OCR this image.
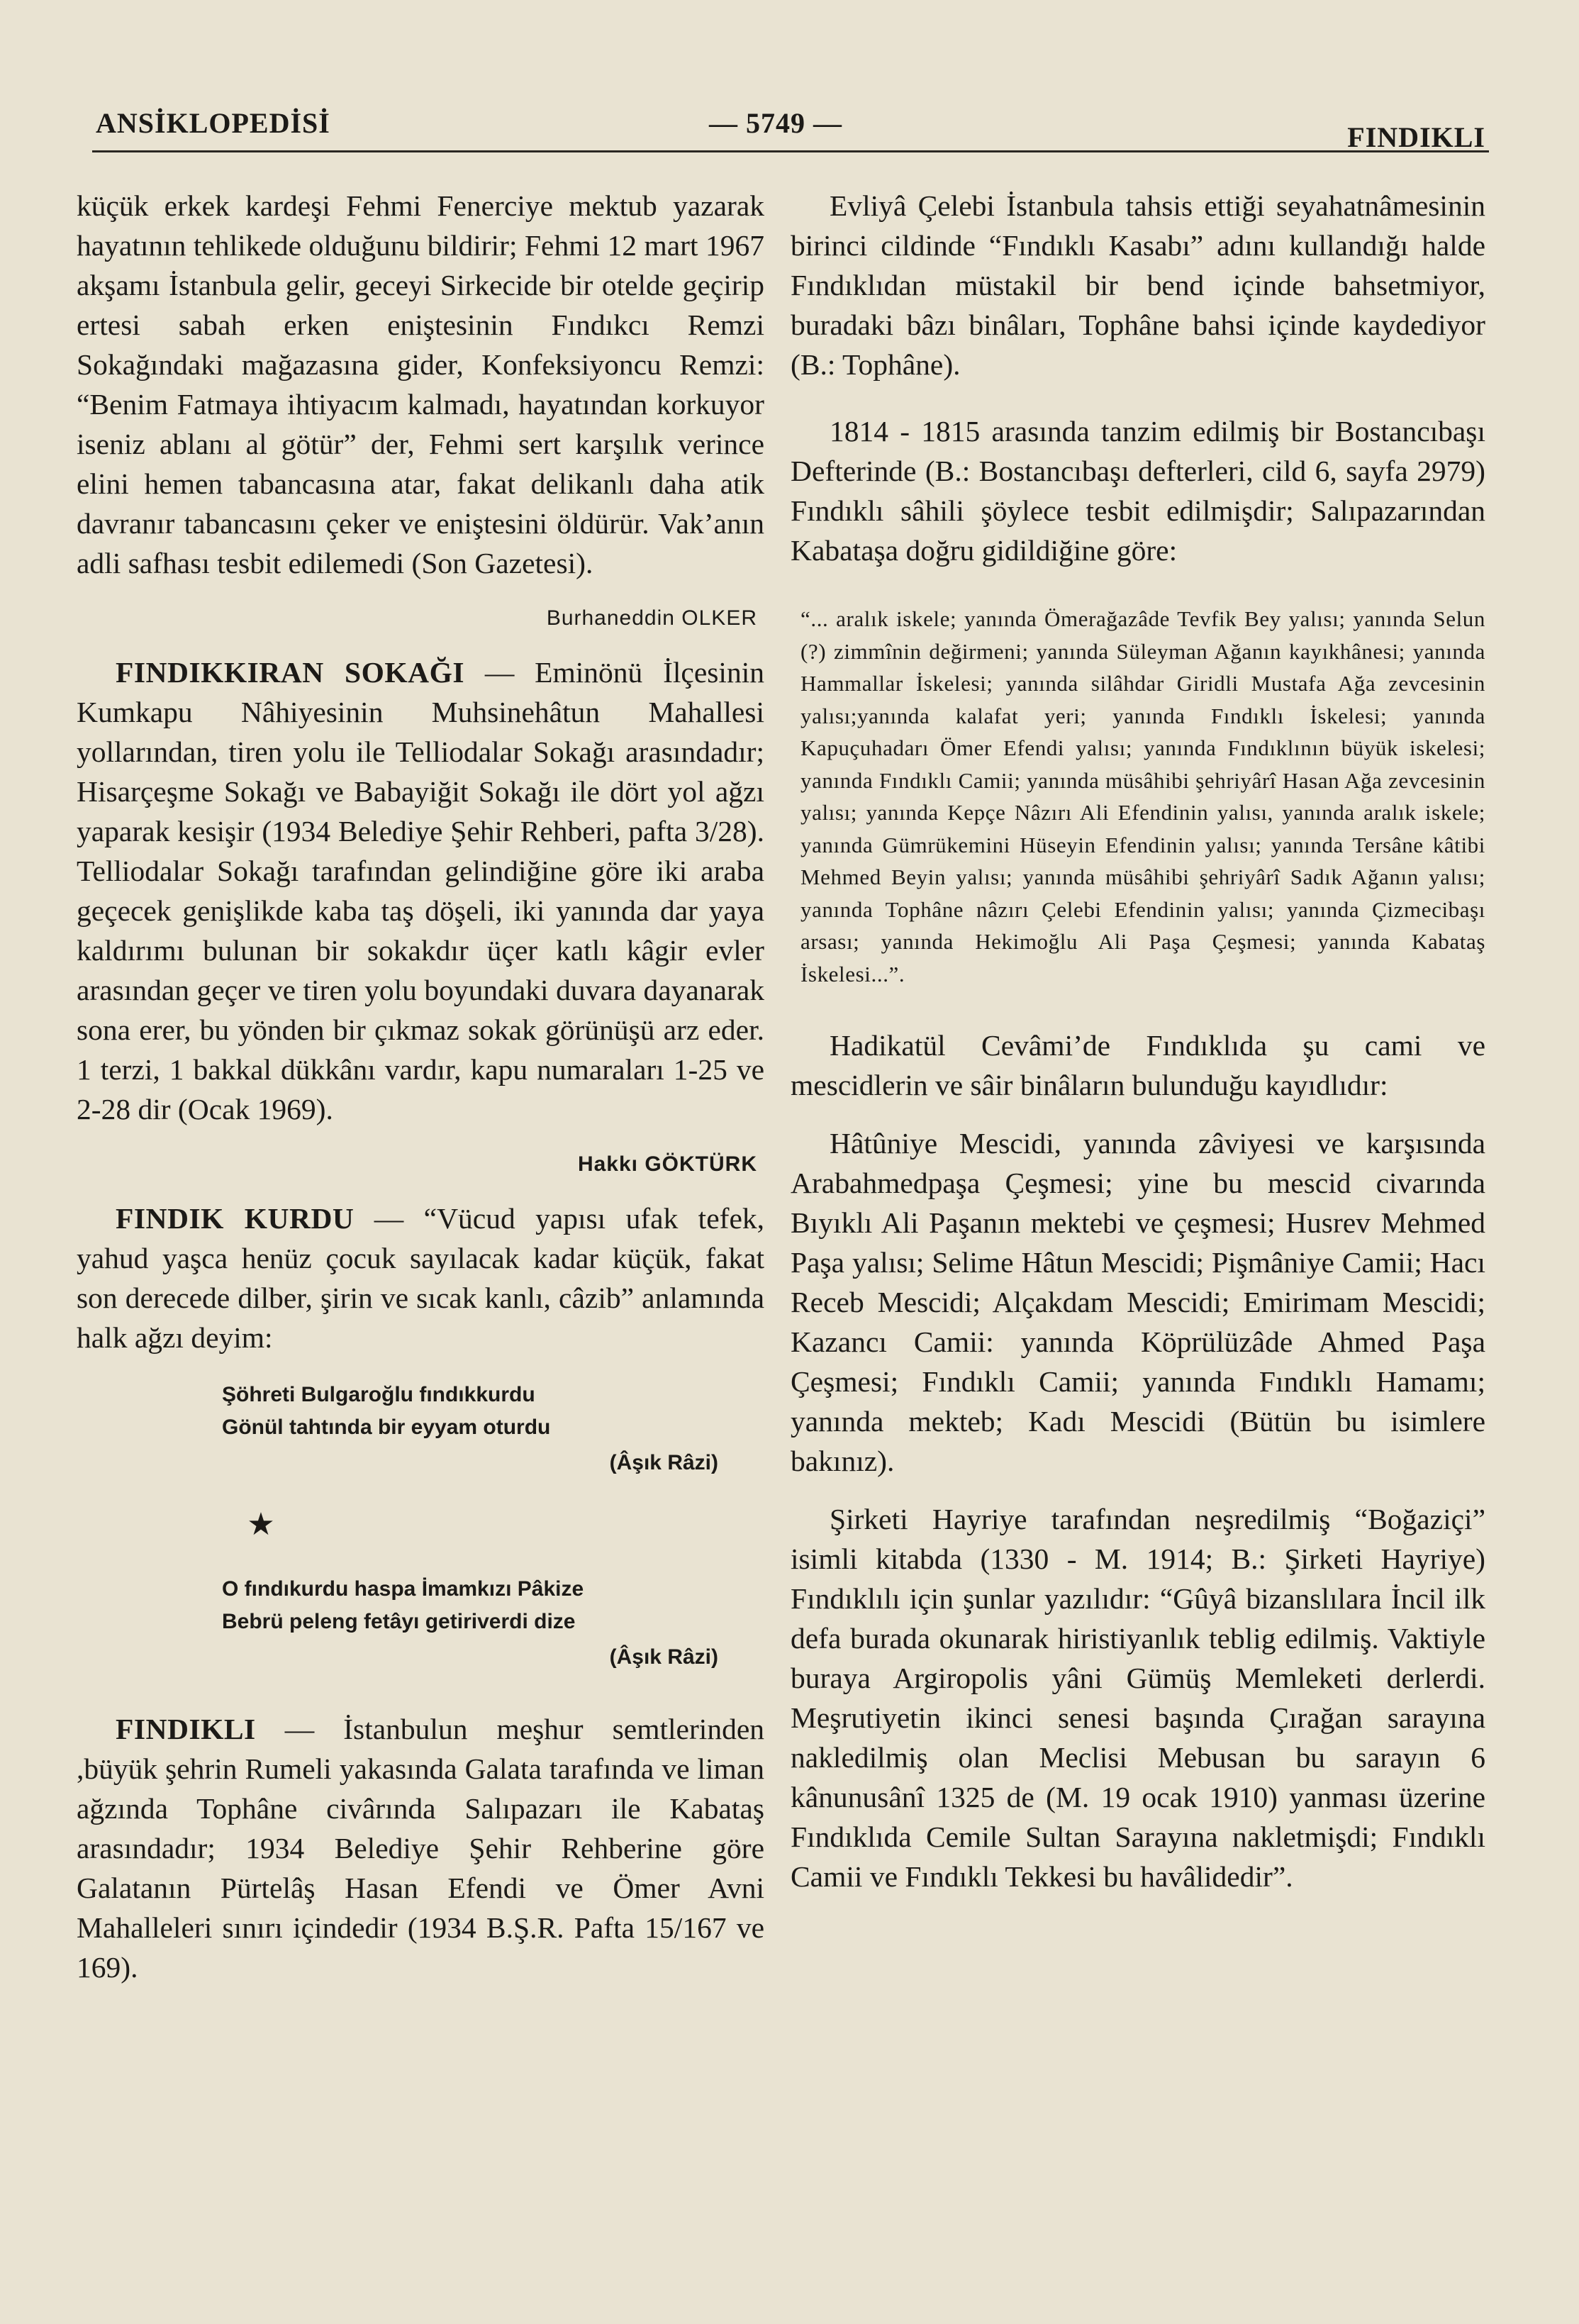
ANSİKLOPEDİSİ	— 5749 —	FINDIKLI

küçük erkek kardeşi Fehmi Fenerciye mektub yazarak hayatının tehlikede olduğunu bildirir; Fehmi 12 mart 1967 akşamı İstanbula gelir, geceyi Sirkecide bir otelde geçirip ertesi sabah erken eniştesinin Fındıkcı Remzi Sokağındaki mağazasına gider, Konfeksiyoncu Remzi: “Benim Fatmaya ihtiyacım kalmadı, hayatından korkuyor iseniz ablanı al götür” der, Fehmi sert karşılık verince elini hemen tabancasına atar, fakat delikanlı daha atik davranır tabancasını çeker ve eniştesini öldürür. Vak’anın adli safhası tesbit edilemedi (Son Gazetesi).

Burhaneddin OLKER

FINDIKKIRAN SOKAĞI — Eminönü İlçesinin Kumkapu Nâhiyesinin Muhsinehâtun Mahallesi yollarından, tiren yolu ile Telliodalar Sokağı arasındadır; Hisarçeşme Sokağı ve Babayiğit Sokağı ile dört yol ağzı yaparak kesişir (1934 Belediye Şehir Rehberi, pafta 3/28). Telliodalar Sokağı tarafından gelindiğine göre iki araba geçecek genişlikde kaba taş döşeli, iki yanında dar yaya kaldırımı bulunan bir sokakdır üçer katlı kâgir evler arasından geçer ve tiren yolu boyundaki duvara dayanarak sona erer, bu yönden bir çıkmaz sokak görünüşü arz eder. 1 terzi, 1 bakkal dükkânı vardır, kapu numaraları 1-25 ve 2-28 dir (Ocak 1969).

Hakkı GÖKTÜRK

FINDIK KURDU — “Vücud yapısı ufak tefek, yahud yaşca henüz çocuk sayılacak kadar küçük, fakat son derecede dilber, şirin ve sıcak kanlı, câzib” anlamında halk ağzı deyim:

Şöhreti Bulgaroğlu fındıkkurdu
Gönül tahtında bir eyyam oturdu
(Âşık Râzi)
★
O fındıkurdu haspa İmamkızı Pâkize
Bebrü peleng fetâyı getiriverdi dize
(Âşık Râzi)

FINDIKLI — İstanbulun meşhur semtlerinden ,büyük şehrin Rumeli yakasında Galata tarafında ve liman ağzında Tophâne civârında Salıpazarı ile Kabataş arasındadır; 1934 Belediye Şehir Rehberine göre Galatanın Pürtelâş Hasan Efendi ve Ömer Avni Mahalleleri sınırı içindedir (1934 B.Ş.R. Pafta 15/167 ve 169).

Evliyâ Çelebi İstanbula tahsis ettiği seyahatnâmesinin birinci cildinde “Fındıklı Kasabı” adını kullandığı halde Fındıklıdan müstakil bir bend içinde bahsetmiyor, buradaki bâzı binâları, Tophâne bahsi içinde kaydediyor (B.: Tophâne).

1814 - 1815 arasında tanzim edilmiş bir Bostancıbaşı Defterinde (B.: Bostancıbaşı defterleri, cild 6, sayfa 2979) Fındıklı sâhili şöylece tesbit edilmişdir; Salıpazarından Kabataşa doğru gidildiğine göre:

“... aralık iskele; yanında Ömerağazâde Tevfik Bey yalısı; yanında Selun (?) zimmînin değirmeni; yanında Süleyman Ağanın kayıkhânesi; yanında Hammallar İskelesi; yanında silâhdar Giridli Mustafa Ağa zevcesinin yalısı;yanında kalafat yeri; yanında Fındıklı İskelesi; yanında Kapuçuhadarı Ömer Efendi yalısı; yanında Fındıklının büyük iskelesi; yanında Fındıklı Camii; yanında müsâhibi şehriyârî Hasan Ağa zevcesinin yalısı; yanında Kepçe Nâzırı Ali Efendinin yalısı, yanında aralık iskele; yanında Gümrükemini Hüseyin Efendinin yalısı; yanında Tersâne kâtibi Mehmed Beyin yalısı; yanında müsâhibi şehriyârî Sadık Ağanın yalısı; yanında Tophâne nâzırı Çelebi Efendinin yalısı; yanında Çizmecibaşı arsası; yanında Hekimoğlu Ali Paşa Çeşmesi; yanında Kabataş İskelesi...”.

Hadikatül Cevâmi’de Fındıklıda şu cami ve mescidlerin ve sâir binâların bulunduğu kayıdlıdır:

Hâtûniye Mescidi, yanında zâviyesi ve karşısında Arabahmedpaşa Çeşmesi; yine bu mescid civarında Bıyıklı Ali Paşanın mektebi ve çeşmesi; Husrev Mehmed Paşa yalısı; Selime Hâtun Mescidi; Pişmâniye Camii; Hacı Receb Mescidi; Alçakdam Mescidi; Emirimam Mescidi; Kazancı Camii: yanında Köprülüzâde Ahmed Paşa Çeşmesi; Fındıklı Camii; yanında Fındıklı Hamamı; yanında mekteb; Kadı Mescidi (Bütün bu isimlere bakınız).

Şirketi Hayriye tarafından neşredilmiş “Boğaziçi” isimli kitabda (1330 - M. 1914; B.: Şirketi Hayriye) Fındıklılı için şunlar yazılıdır: “Gûyâ bizanslılara İncil ilk defa burada okunarak hiristiyanlık teblig edilmiş. Vaktiyle buraya Argiropolis yâni Gümüş Memleketi derlerdi. Meşrutiyetin ikinci senesi başında Çırağan sarayına nakledilmiş olan Meclisi Mebusan bu sarayın 6 kânunusânî 1325 de (M. 19 ocak 1910) yanması üzerine Fındıklıda Cemile Sultan Sarayına nakletmişdi; Fındıklı Camii ve Fındıklı Tekkesi bu havâlidedir”.
